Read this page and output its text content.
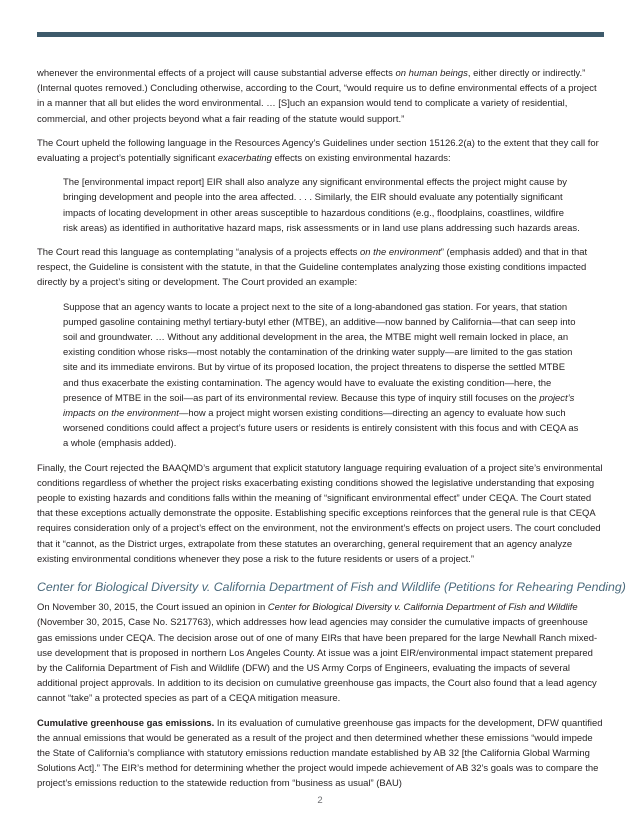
whenever the environmental effects of a project will cause substantial adverse effects on human beings, either directly or indirectly.” (Internal quotes removed.) Concluding otherwise, according to the Court, “would require us to define environmental effects of a project in a manner that all but elides the word environmental. … [S]uch an expansion would tend to complicate a variety of residential, commercial, and other projects beyond what a fair reading of the statute would support.”

The Court upheld the following language in the Resources Agency’s Guidelines under section 15126.2(a) to the extent that they call for evaluating a project’s potentially significant exacerbating effects on existing environmental hazards:

The [environmental impact report] EIR shall also analyze any significant environmental effects the project might cause by bringing development and people into the area affected. . . . Similarly, the EIR should evaluate any potentially significant impacts of locating development in other areas susceptible to hazardous conditions (e.g., floodplains, coastlines, wildfire risk areas) as identified in authoritative hazard maps, risk assessments or in land use plans addressing such hazards areas.

The Court read this language as contemplating “analysis of a projects effects on the environment” (emphasis added) and that in that respect, the Guideline is consistent with the statute, in that the Guideline contemplates analyzing those existing conditions impacted directly by a project’s siting or development. The Court provided an example:

Suppose that an agency wants to locate a project next to the site of a long-abandoned gas station. For years, that station pumped gasoline containing methyl tertiary-butyl ether (MTBE), an additive—now banned by California—that can seep into soil and groundwater. … Without any additional development in the area, the MTBE might well remain locked in place, an existing condition whose risks—most notably the contamination of the drinking water supply—are limited to the gas station site and its immediate environs. But by virtue of its proposed location, the project threatens to disperse the settled MTBE and thus exacerbate the existing contamination. The agency would have to evaluate the existing condition—here, the presence of MTBE in the soil—as part of its environmental review. Because this type of inquiry still focuses on the project’s impacts on the environment—how a project might worsen existing conditions—directing an agency to evaluate how such worsened conditions could affect a project’s future users or residents is entirely consistent with this focus and with CEQA as a whole (emphasis added).

Finally, the Court rejected the BAAQMD’s argument that explicit statutory language requiring evaluation of a project site’s environmental conditions regardless of whether the project risks exacerbating existing conditions showed the legislative understanding that exposing people to existing hazards and conditions falls within the meaning of “significant environmental effect” under CEQA. The Court stated that these exceptions actually demonstrate the opposite. Establishing specific exceptions reinforces that the general rule is that CEQA requires consideration only of a project’s effect on the environment, not the environment’s effects on project users. The court concluded that it “cannot, as the District urges, extrapolate from these statutes an overarching, general requirement that an agency analyze existing environmental conditions whenever they pose a risk to the future residents or users of a project.”

Center for Biological Diversity v. California Department of Fish and Wildlife (Petitions for Rehearing Pending)

On November 30, 2015, the Court issued an opinion in Center for Biological Diversity v. California Department of Fish and Wildlife (November 30, 2015, Case No. S217763), which addresses how lead agencies may consider the cumulative impacts of greenhouse gas emissions under CEQA. The decision arose out of one of many EIRs that have been prepared for the large Newhall Ranch mixed-use development that is proposed in northern Los Angeles County. At issue was a joint EIR/environmental impact statement prepared by the California Department of Fish and Wildlife (DFW) and the US Army Corps of Engineers, evaluating the impacts of several additional project approvals. In addition to its decision on cumulative greenhouse gas impacts, the Court also found that a lead agency cannot “take” a protected species as part of a CEQA mitigation measure.

Cumulative greenhouse gas emissions. In its evaluation of cumulative greenhouse gas impacts for the development, DFW quantified the annual emissions that would be generated as a result of the project and then determined whether these emissions “would impede the State of California’s compliance with statutory emissions reduction mandate established by AB 32 [the California Global Warming Solutions Act].” The EIR’s method for determining whether the project would impede achievement of AB 32’s goals was to compare the project’s emissions reduction to the statewide reduction from “business as usual” (BAU)

2
